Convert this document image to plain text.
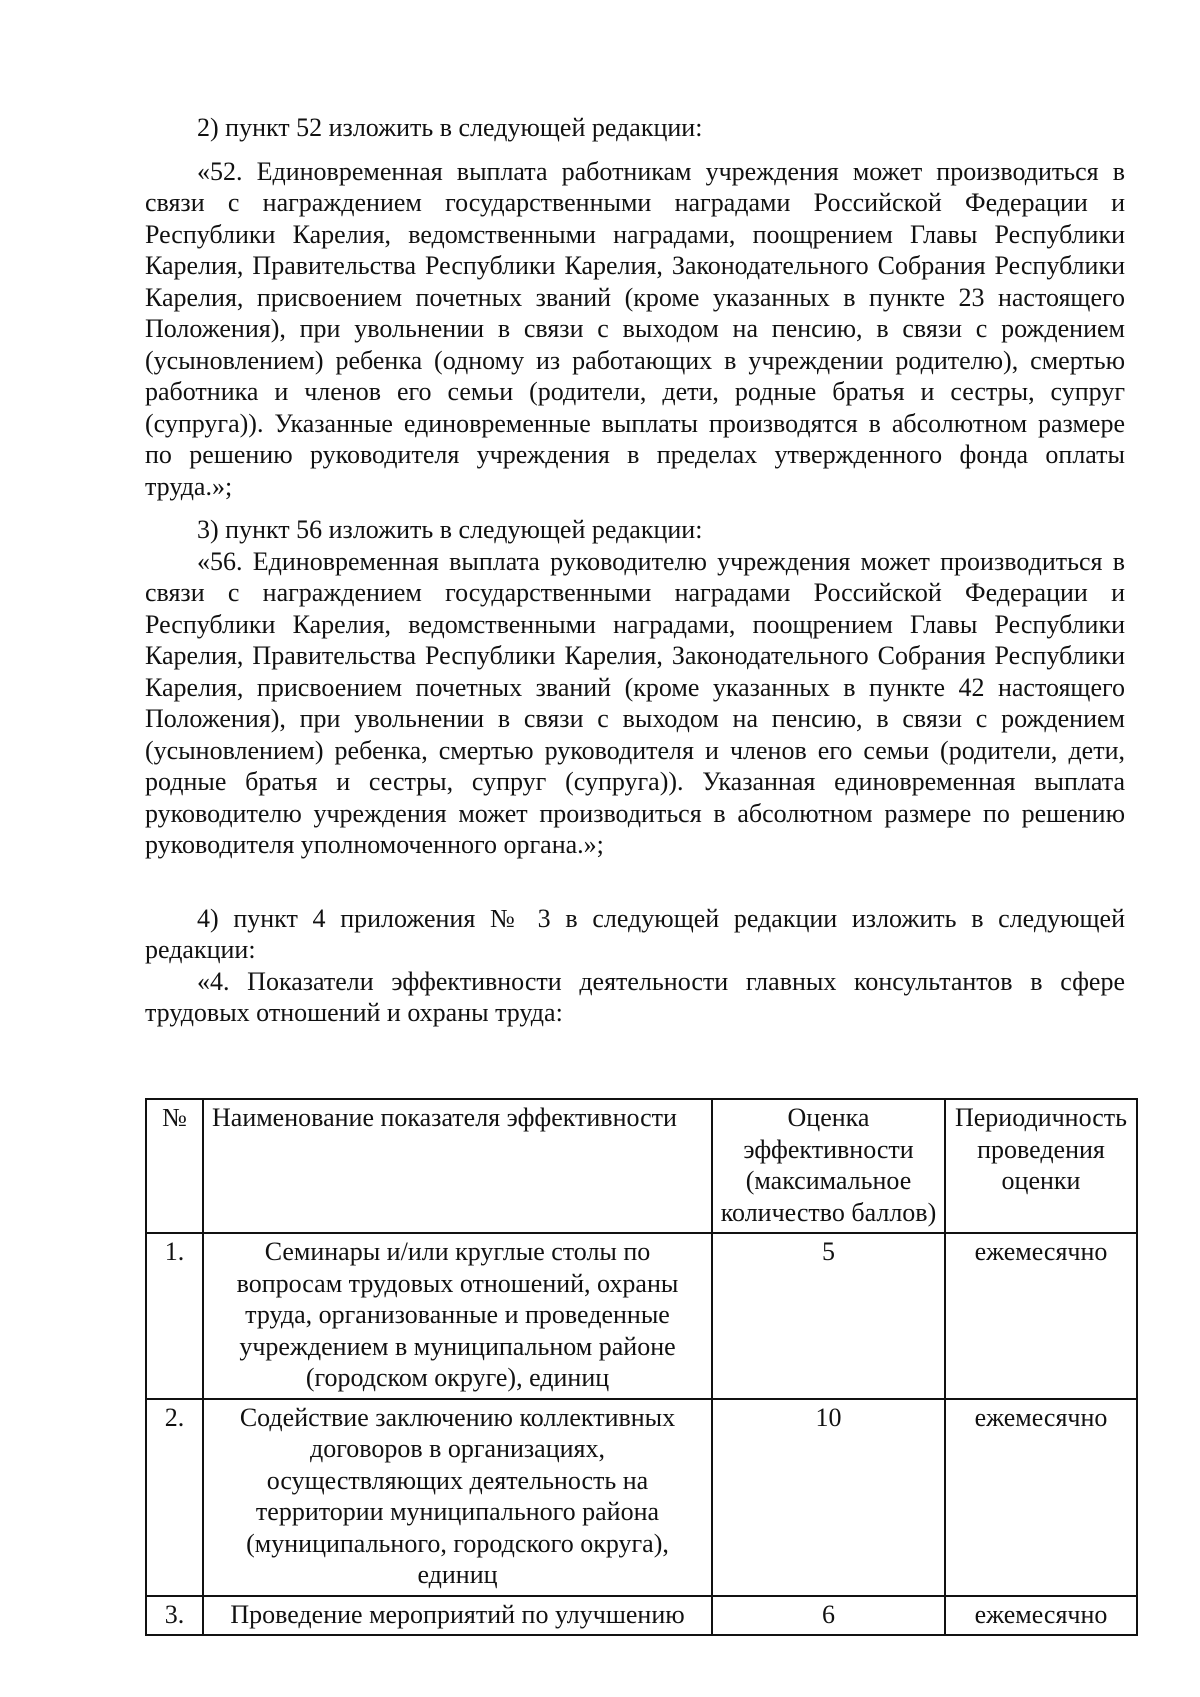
2) пункт 52 изложить в следующей редакции:

«52. Единовременная выплата работникам учреждения может производиться в связи с награждением государственными наградами Российской Федерации и Республики Карелия, ведомственными наградами, поощрением Главы Республики Карелия, Правительства Республики Карелия, Законодательного Собрания Республики Карелия, присвоением почетных званий (кроме указанных в пункте 23 настоящего Положения), при увольнении в связи с выходом на пенсию, в связи с рождением (усыновлением) ребенка (одному из работающих в учреждении родителю), смертью работника и членов его семьи (родители, дети, родные братья и сестры, супруг (супруга)). Указанные единовременные выплаты производятся в абсолютном размере по решению руководителя учреждения в пределах утвержденного фонда оплаты труда.»;

3) пункт 56 изложить в следующей редакции:

«56. Единовременная выплата руководителю учреждения может производиться в связи с награждением государственными наградами Российской Федерации и Республики Карелия, ведомственными наградами, поощрением Главы Республики Карелия, Правительства Республики Карелия, Законодательного Собрания Республики Карелия, присвоением почетных званий (кроме указанных в пункте 42 настоящего Положения), при увольнении в связи с выходом на пенсию, в связи с рождением (усыновлением) ребенка, смертью руководителя и членов его семьи (родители, дети, родные братья и сестры, супруг (супруга)). Указанная единовременная выплата руководителю учреждения может производиться в абсолютном размере по решению руководителя уполномоченного органа.»;

4) пункт 4 приложения № 3 в следующей редакции изложить в следующей редакции:

«4. Показатели эффективности деятельности главных консультантов в сфере трудовых отношений и охраны труда:

№	Наименование показателя эффективности	Оценка эффективности (максимальное количество баллов)	Периодичность проведения оценки
1.	Семинары и/или круглые столы по вопросам трудовых отношений, охраны труда, организованные и проведенные учреждением в муниципальном районе (городском округе), единиц	5	ежемесячно
2.	Содействие заключению коллективных договоров в организациях, осуществляющих деятельность на территории муниципального района (муниципального, городского округа), единиц	10	ежемесячно
3.	Проведение мероприятий по улучшению	6	ежемесячно
